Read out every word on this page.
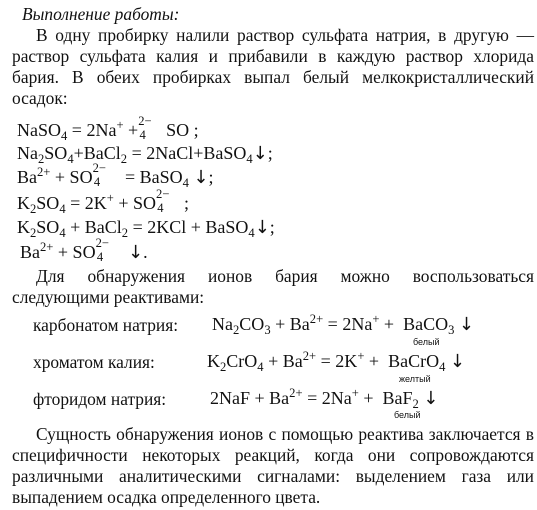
Выполнение работы:

В одну пробирку налили раствор сульфата натрия, в другую — раствор сульфата калия и прибавили в каждую раствор хлорида бария. В обеих пробирках выпал белый мелкокристаллический осадок:

NaSO$_4$ = 2Na+ + 2−
4 SO ;
$Na_2SO_4+BaCl_2$ = 2NaCl+BaSO$_4$↓;
$Ba^{2+}$ + SO 2−
4 = BaSO$_4$ ↓;
$K_2SO_4 = 2K^+$ + SO 2−
4 ;
$K_2SO_4$ + BaCl$_2$ = 2KCl + BaSO$_4$↓;
$Ba^{2+}$ + SO 2−
4 ↓.

Для обнаружения ионов бария можно воспользоваться следующими реактивами:

карбонатом натрия: $Na_2CO_3 + Ba^{2+} = 2Na^+$ +  BaCO$_3$ ↓
белый
хроматом калия:	$K_2CrO_4 + Ba^{2+} = 2K^+$ +  BaCrO$_4$ ↓
желтый
фторидом натрия: $2NaF + Ba^{2+} = 2Na^+ + BaF_2$ ↓
белый

Сущность обнаружения ионов с помощью реактива заключается в специфичности некоторых реакций, когда они сопровождаются различными аналитическими сигналами: выделением газа или выпадением осадка определенного цвета.
